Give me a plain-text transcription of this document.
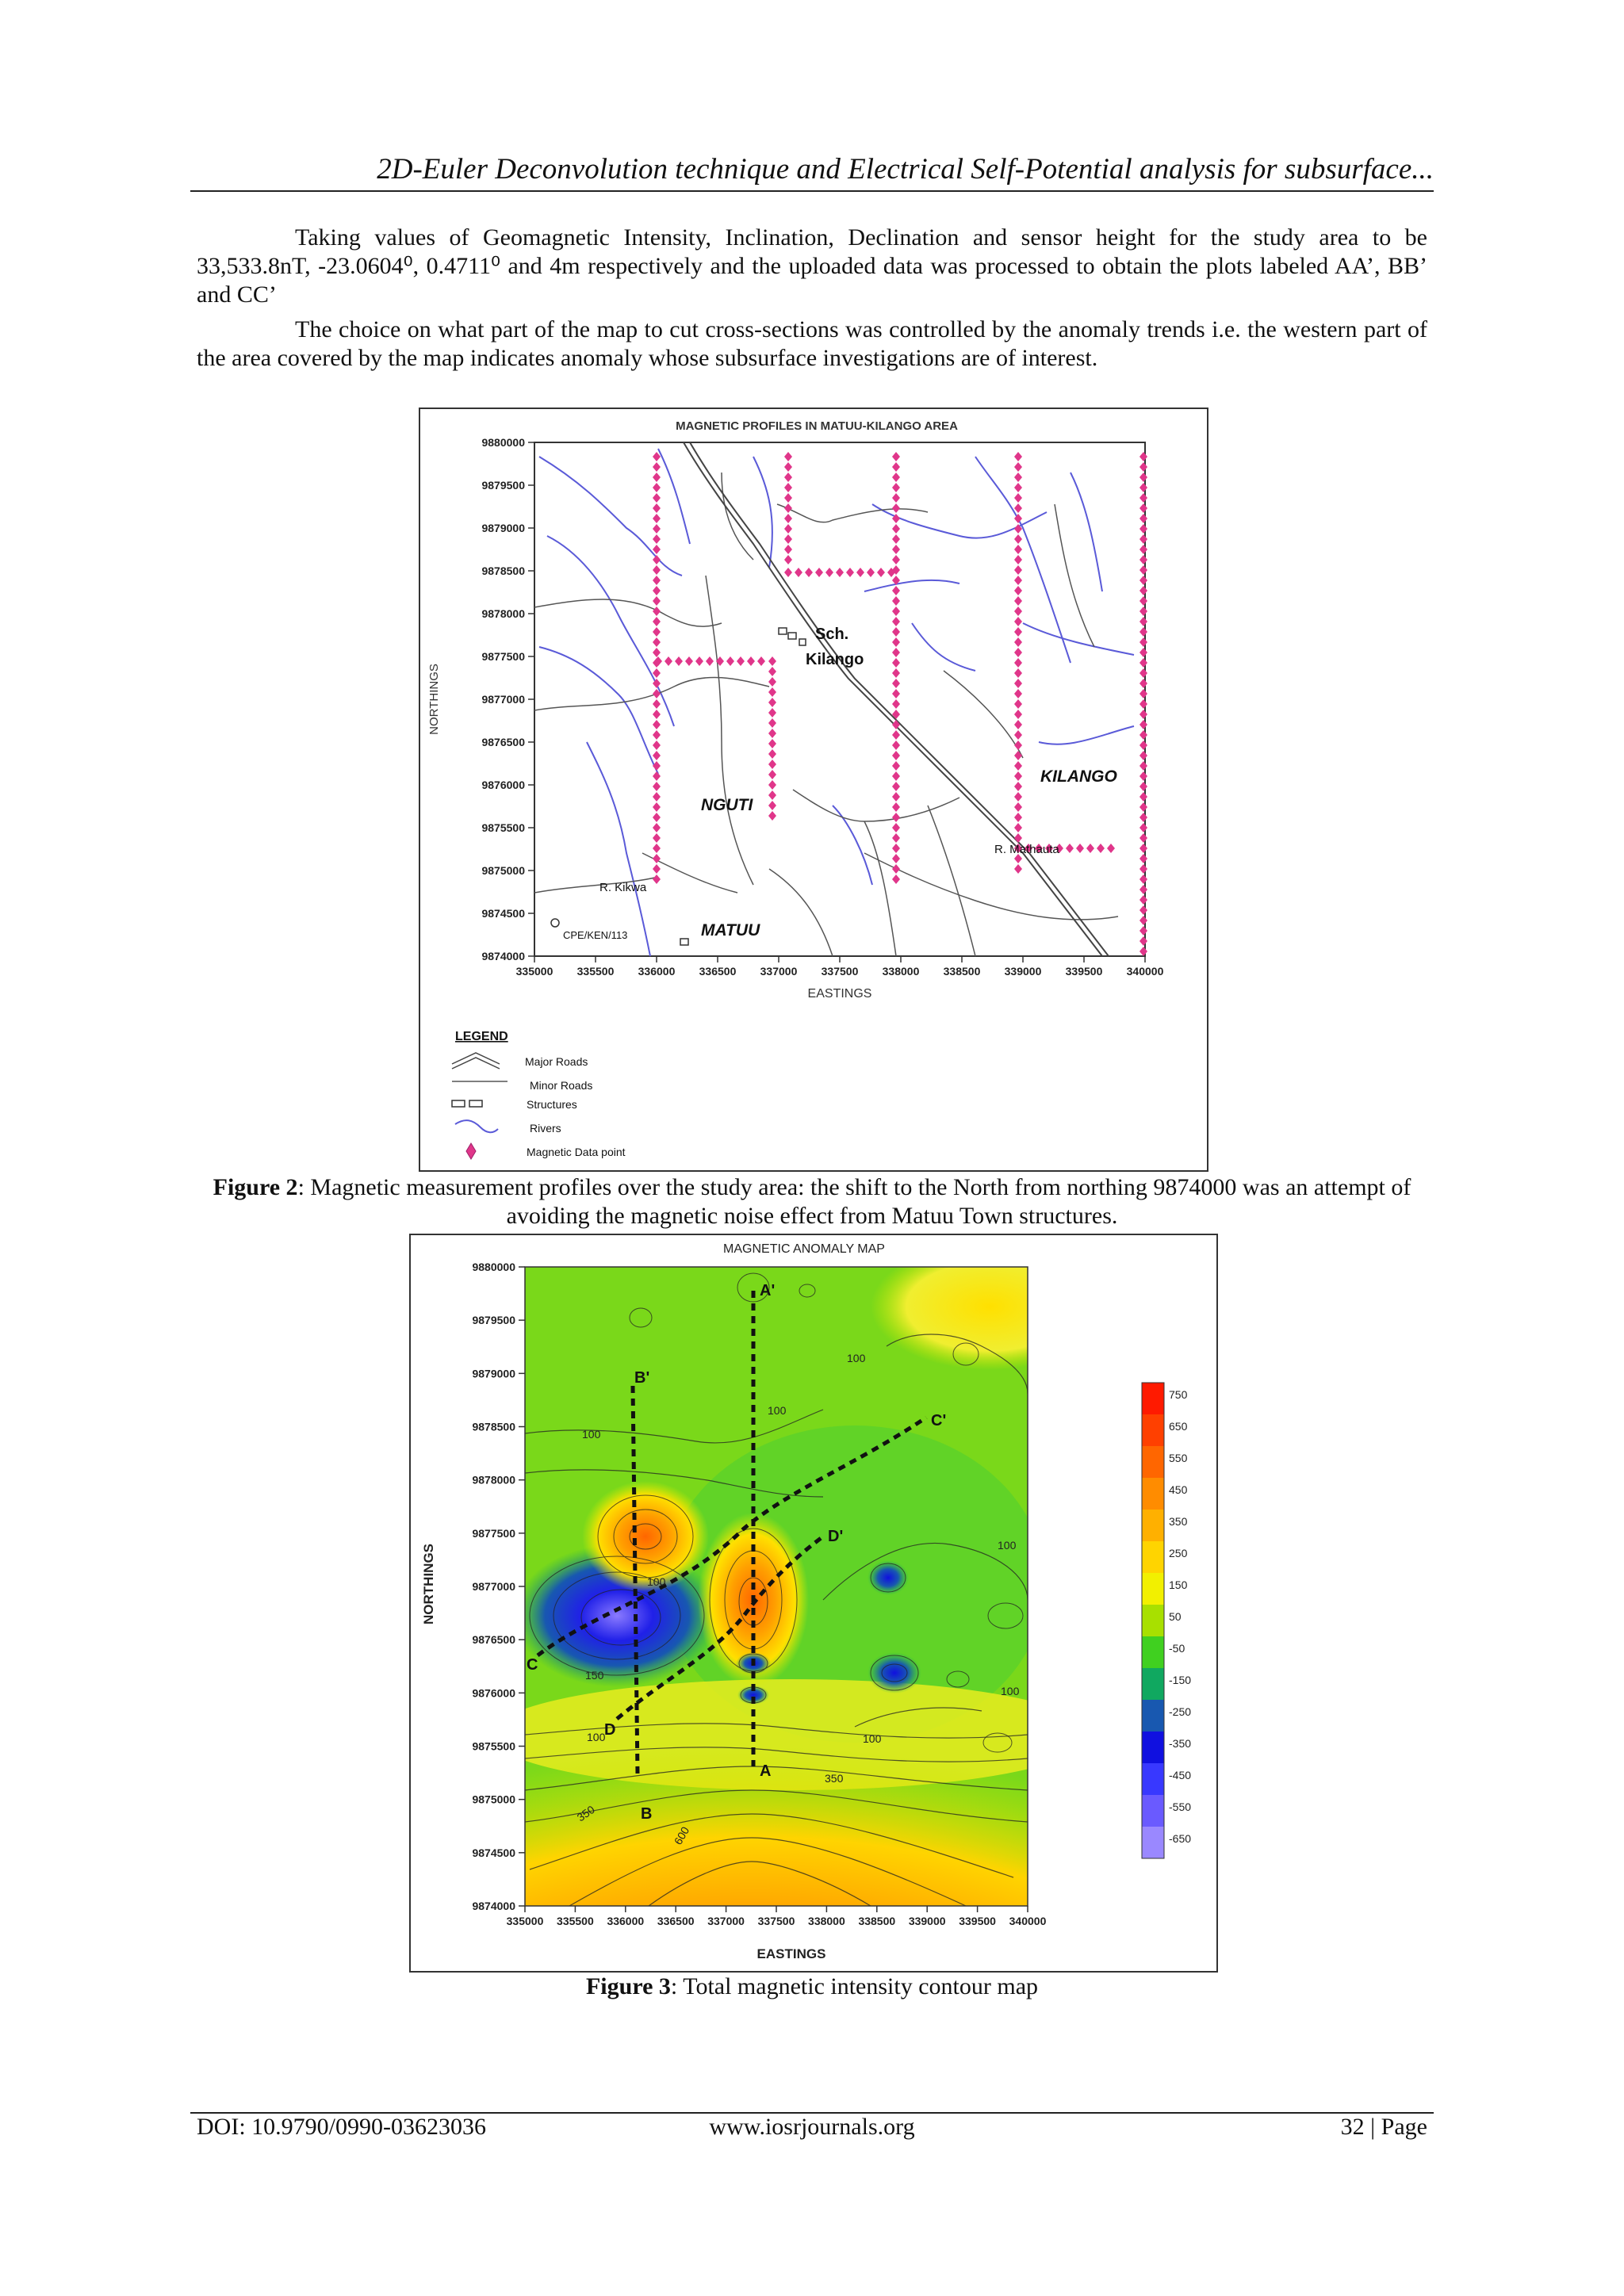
2D-Euler Deconvolution technique and Electrical Self-Potential analysis for subsurface...

Taking values of Geomagnetic Intensity, Inclination, Declination and sensor height for the study area to be 33,533.8nT, -23.0604⁰, 0.4711⁰ and 4m respectively and the uploaded data was processed to obtain the plots labeled AA’, BB’ and CC’

The choice on what part of the map to cut cross-sections was controlled by the anomaly trends i.e. the western part of the area covered by the map indicates anomaly whose subsurface investigations are of interest.

MAGNETIC PROFILES IN MATUU-KILANGO AREA
9880000
9879500
9879000
9878500
9878000
9877500
9877000
9876500
9876000
9875500
9875000
9874500
9874000
335000 335500 336000 336500 337000 337500 338000 338500 339000 339500 340000
NORTHINGS
EASTINGS
Sch.
Kilango
KILANGO
NGUTI
MATUU
R. Mathauta
R. Kikwa
CPE/KEN/113
LEGEND
Major Roads
Minor Roads
Structures
Rivers
Magnetic Data point
Figure 2: Magnetic measurement profiles over the study area: the shift to the North from northing 9874000 was an attempt of avoiding the magnetic noise effect from Matuu Town structures.
MAGNETIC ANOMALY MAP
9880000
9879500
9879000
9878500
9878000
9877500
9877000
9876500
9876000
9875500
9875000
9874500
9874000
335000 335500 336000 336500 337000 337500 338000 338500 339000 339500 340000
NORTHINGS
EASTINGS
A'
A
B'
B
C
C'
D
D'
100
100
100
100
100
100
100	100
350
350
600
150
750
650
550
450
350
250
150
50
-50
-150
-250
-350
-450
-550
-650
Figure 3: Total magnetic intensity contour map
DOI: 10.9790/0990-03623036	www.iosrjournals.org	32 | Page
